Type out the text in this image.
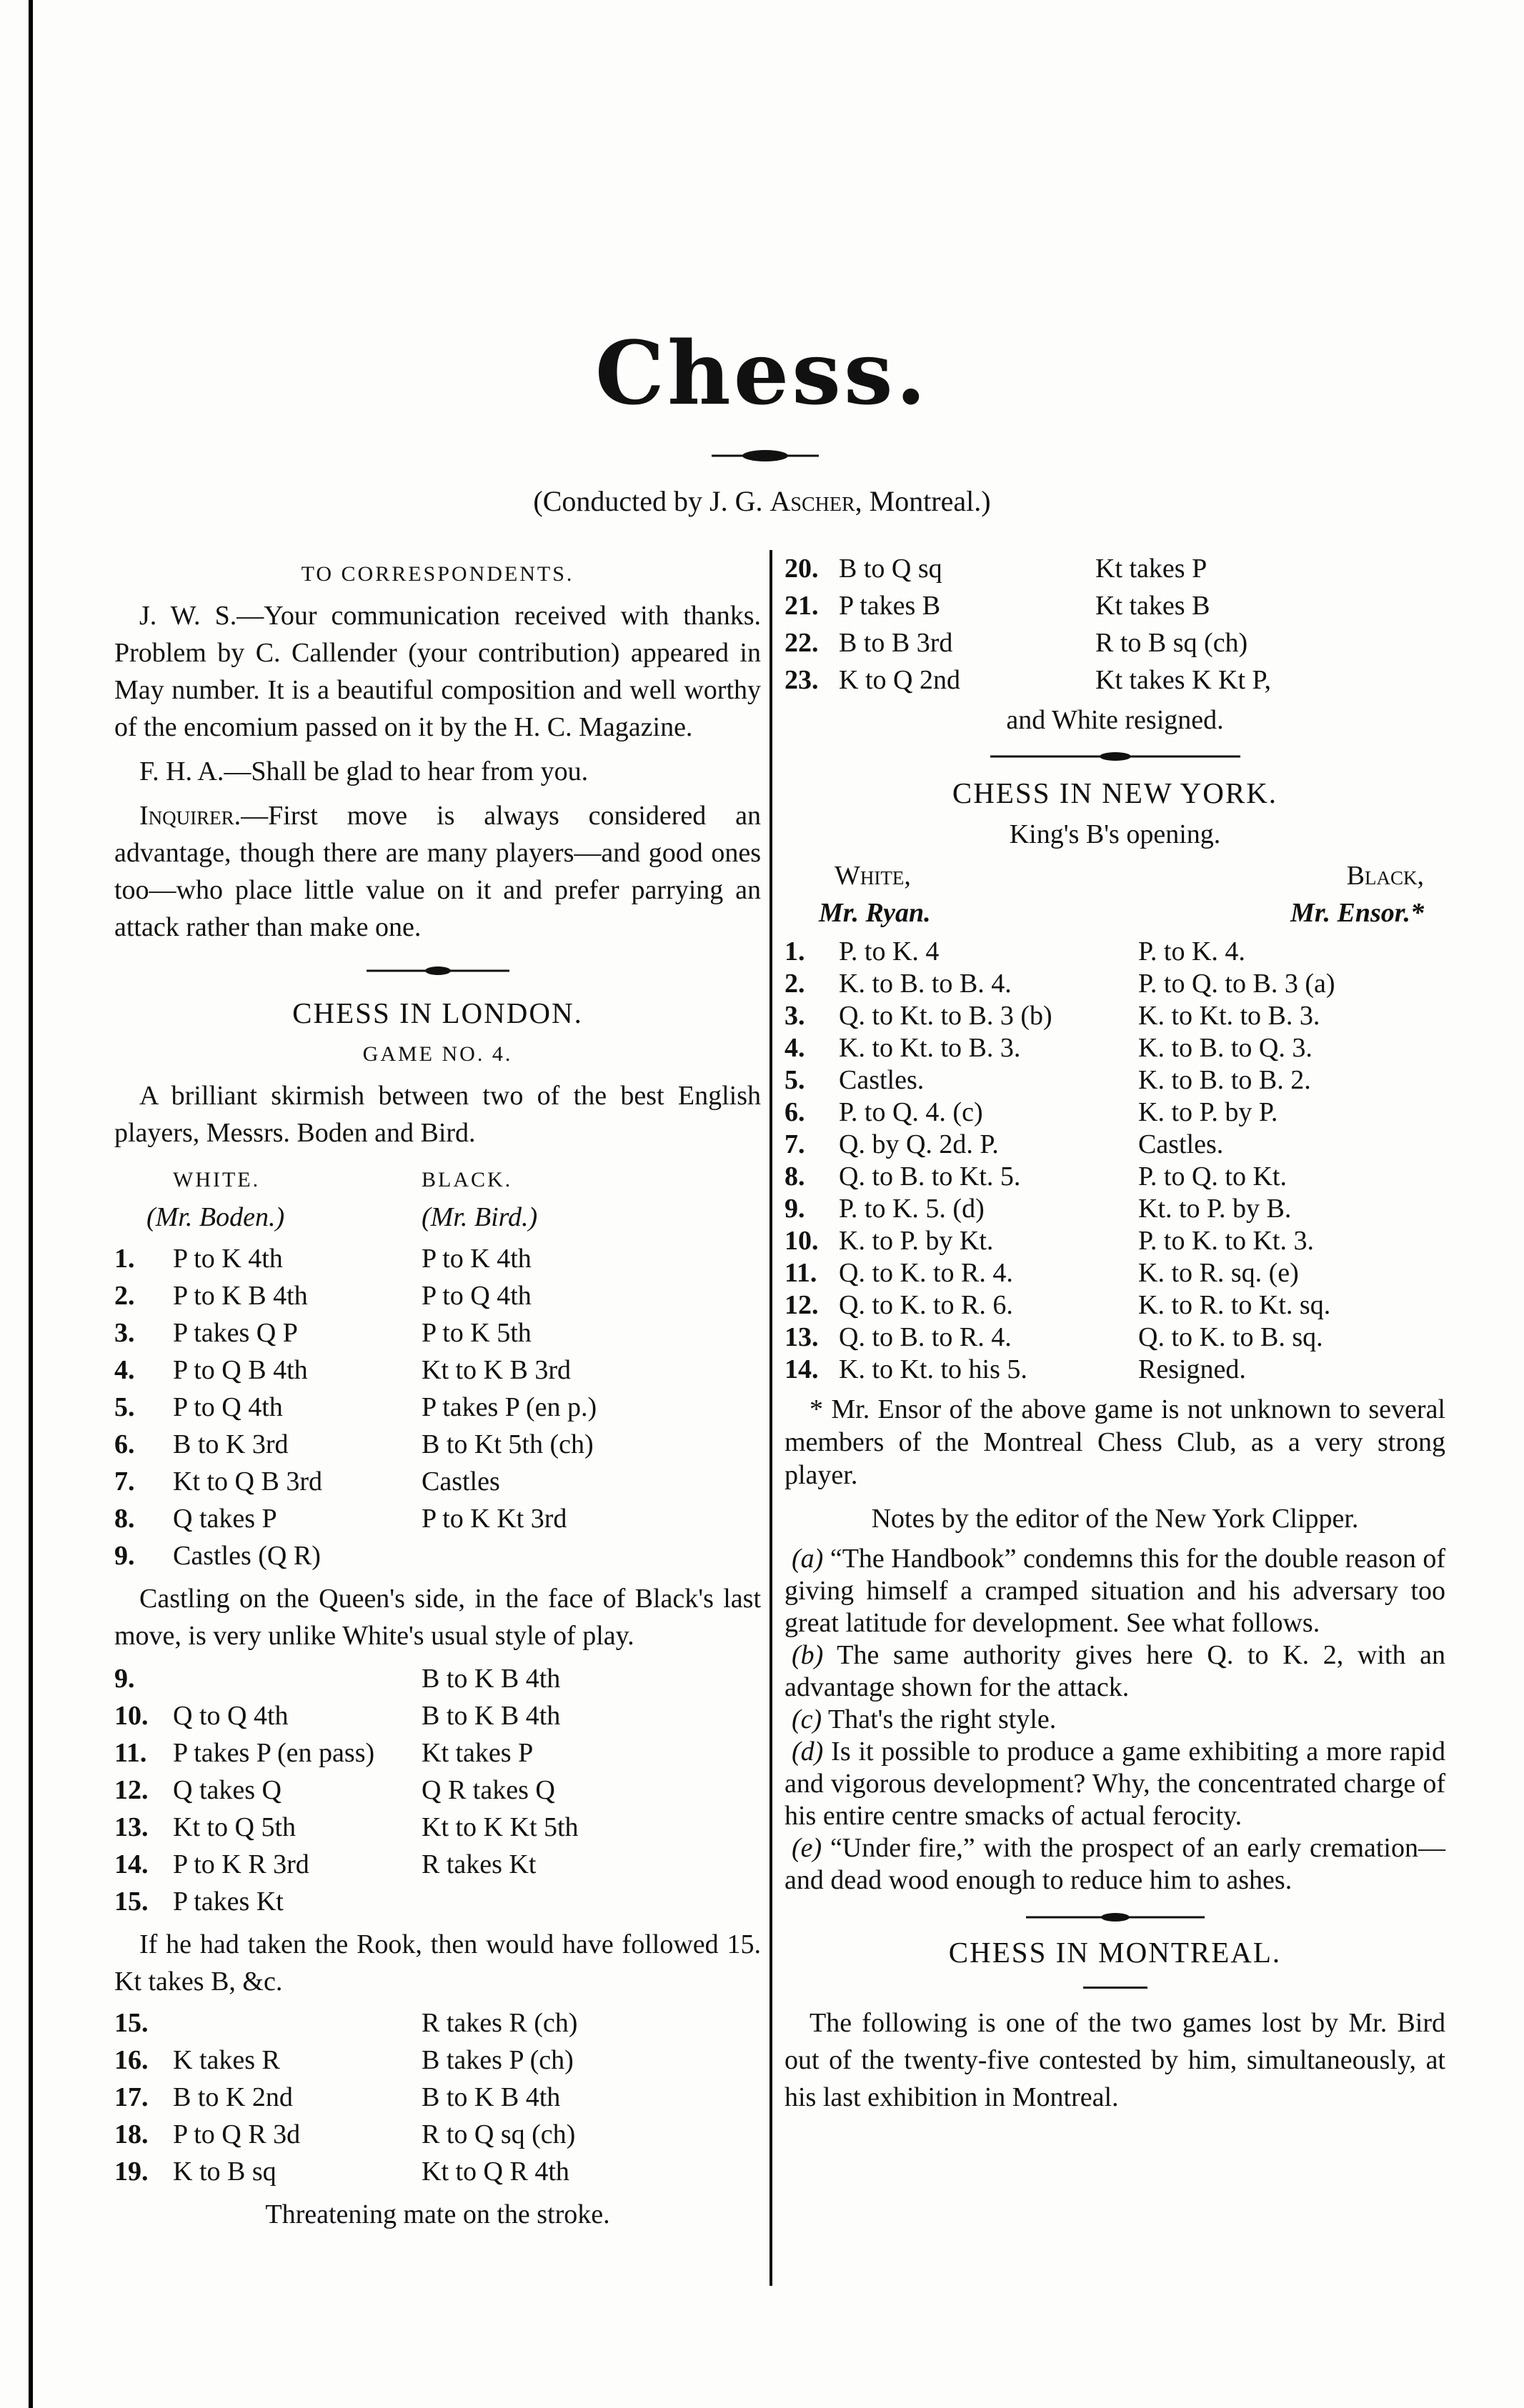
Chess.
(Conducted by J. G. Ascher, Montreal.)
TO CORRESPONDENTS.

J. W. S.—Your communication received with thanks. Problem by C. Callender (your contribution) appeared in May number. It is a beautiful composition and well worthy of the encomium passed on it by the H. C. Magazine.

F. H. A.—Shall be glad to hear from you.

Inquirer.—First move is always considered an advantage, though there are many players—and good ones too—who place little value on it and prefer parrying an attack rather than make one.

CHESS IN LONDON.
GAME NO. 4.

A brilliant skirmish between two of the best English players, Messrs. Boden and Bird.

WHITE.	BLACK.
(Mr. Boden.)	(Mr. Bird.)
1. P to K 4th	P to K 4th
2. P to K B 4th	P to Q 4th
3. P takes Q P	P to K 5th
4. P to Q B 4th	Kt to K B 3rd
5. P to Q 4th	P takes P (en p.)
6. B to K 3rd	B to Kt 5th (ch)
7. Kt to Q B 3rd	Castles
8. Q takes P	P to K Kt 3rd
9. Castles (Q R)

Castling on the Queen's side, in the face of Black's last move, is very unlike White's usual style of play.

9.	B to K B 4th
10. Q to Q 4th	B to K B 4th
11. P takes P (en pass)	Kt takes P
12. Q takes Q	Q R takes Q
13. Kt to Q 5th	Kt to K Kt 5th
14. P to K R 3rd	R takes Kt
15. P takes Kt

If he had taken the Rook, then would have followed 15. Kt takes B, &c.

15.	R takes R (ch)
16. K takes R	B takes P (ch)
17. B to K 2nd	B to K B 4th
18. P to Q R 3d	R to Q sq (ch)
19. K to B sq	Kt to Q R 4th
Threatening mate on the stroke.
20. B to Q sq	Kt takes P
21. P takes B	Kt takes B
22. B to B 3rd	R to B sq (ch)
23. K to Q 2nd	Kt takes K Kt P,
and White resigned.
CHESS IN NEW YORK.
King's B's opening.
White,	Black,
Mr. Ryan.	Mr. Ensor.*
1. P. to K. 4	P. to K. 4.
2. K. to B. to B. 4.	P. to Q. to B. 3 (a)
3. Q. to Kt. to B. 3 (b)	K. to Kt. to B. 3.
4. K. to Kt. to B. 3.	K. to B. to Q. 3.
5. Castles.	K. to B. to B. 2.
6. P. to Q. 4. (c)	K. to P. by P.
7. Q. by Q. 2d. P.	Castles.
8. Q. to B. to Kt. 5.	P. to Q. to Kt.
9. P. to K. 5. (d)	Kt. to P. by B.
10. K. to P. by Kt.	P. to K. to Kt. 3.
11. Q. to K. to R. 4.	K. to R. sq. (e)
12. Q. to K. to R. 6.	K. to R. to Kt. sq.
13. Q. to B. to R. 4.	Q. to K. to B. sq.
14. K. to Kt. to his 5.	Resigned.

* Mr. Ensor of the above game is not unknown to several members of the Montreal Chess Club, as a very strong player.

Notes by the editor of the New York Clipper.

(a) “The Handbook” condemns this for the double reason of giving himself a cramped situation and his adversary too great latitude for development. See what follows.

(b) The same authority gives here Q. to K. 2, with an advantage shown for the attack.

(c) That's the right style.

(d) Is it possible to produce a game exhibiting a more rapid and vigorous development? Why, the concentrated charge of his entire centre smacks of actual ferocity.

(e) “Under fire,” with the prospect of an early cremation—and dead wood enough to reduce him to ashes.

CHESS IN MONTREAL.

The following is one of the two games lost by Mr. Bird out of the twenty-five contested by him, simultaneously, at his last exhibition in Montreal.
